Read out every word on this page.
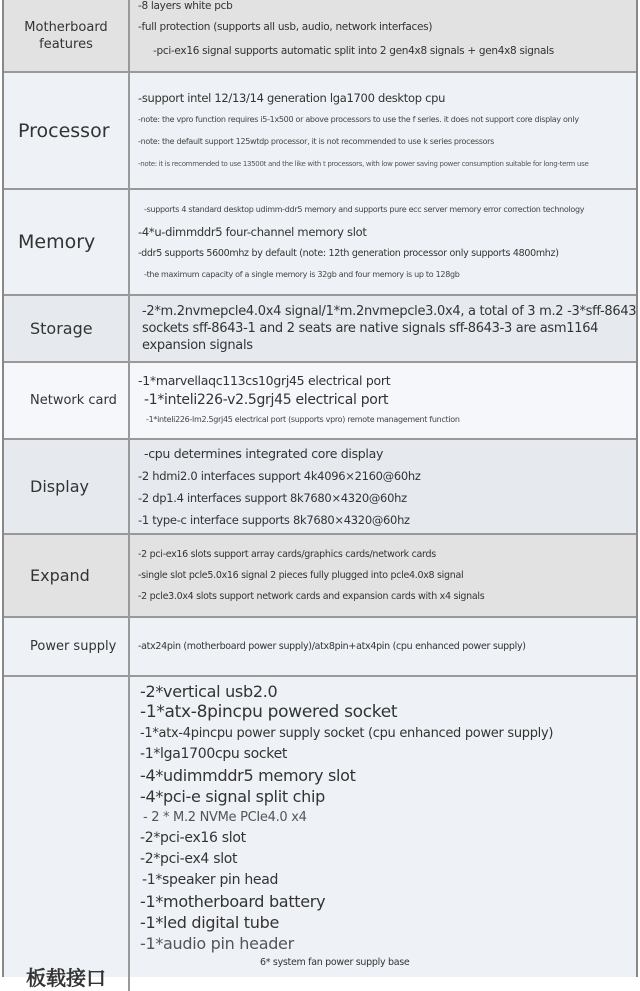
Motherboard features
-8 layers white pcb
-full protection (supports all usb, audio, network interfaces)
-pci-ex16 signal supports automatic split into 2 gen4x8 signals + gen4x8 signals
Processor
-support intel 12/13/14 generation lga1700 desktop cpu
-note: the vpro function requires i5-1x500 or above processors to use the f series. it does not support core display only
-note: the default support 125wtdp processor, it is not recommended to use k series processors
-note: it is recommended to use 13500t and the like with t processors, with low power saving power consumption suitable for long-term use
Memory
-supports 4 standard desktop udimm-ddr5 memory and supports pure ecc server memory error correction technology
-4*u-dimmddr5 four-channel memory slot
-ddr5 supports 5600mhz by default (note: 12th generation processor only supports 4800mhz)
-the maximum capacity of a single memory is 32gb and four memory is up to 128gb
Storage
-2*m.2nvmepcle4.0x4 signal/1*m.2nvmepcle3.0x4, a total of 3 m.2 -3*sff-8643
sockets sff-8643-1 and 2 seats are native signals sff-8643-3 are asm1164
expansion signals
Network card
-1*marvellaqc113cs10grj45 electrical port
-1*inteli226-v2.5grj45 electrical port
-1*inteli226-lm2.5grj45 electrical port (supports vpro) remote management function
Display
-cpu determines integrated core display
-2 hdmi2.0 interfaces support 4k4096×2160@60hz
-2 dp1.4 interfaces support 8k7680×4320@60hz
-1 type-c interface supports 8k7680×4320@60hz
Expand
-2 pci-ex16 slots support array cards/graphics cards/network cards
-single slot pcle5.0x16 signal 2 pieces fully plugged into pcle4.0x8 signal
-2 pcle3.0x4 slots support network cards and expansion cards with x4 signals
Power supply	-atx24pin (motherboard power supply)/atx8pin+atx4pin (cpu enhanced power supply)
板载接口
-2*vertical usb2.0
-1*atx-8pincpu powered socket
-1*atx-4pincpu power supply socket (cpu enhanced power supply)
-1*lga1700cpu socket
-4*udimmddr5 memory slot
-4*pci-e signal split chip
- 2 * M.2 NVMe PCIe4.0 x4
-2*pci-ex16 slot
-2*pci-ex4 slot
-1*speaker pin head
-1*motherboard battery
-1*led digital tube
-1*audio pin header
6* system fan power supply base
